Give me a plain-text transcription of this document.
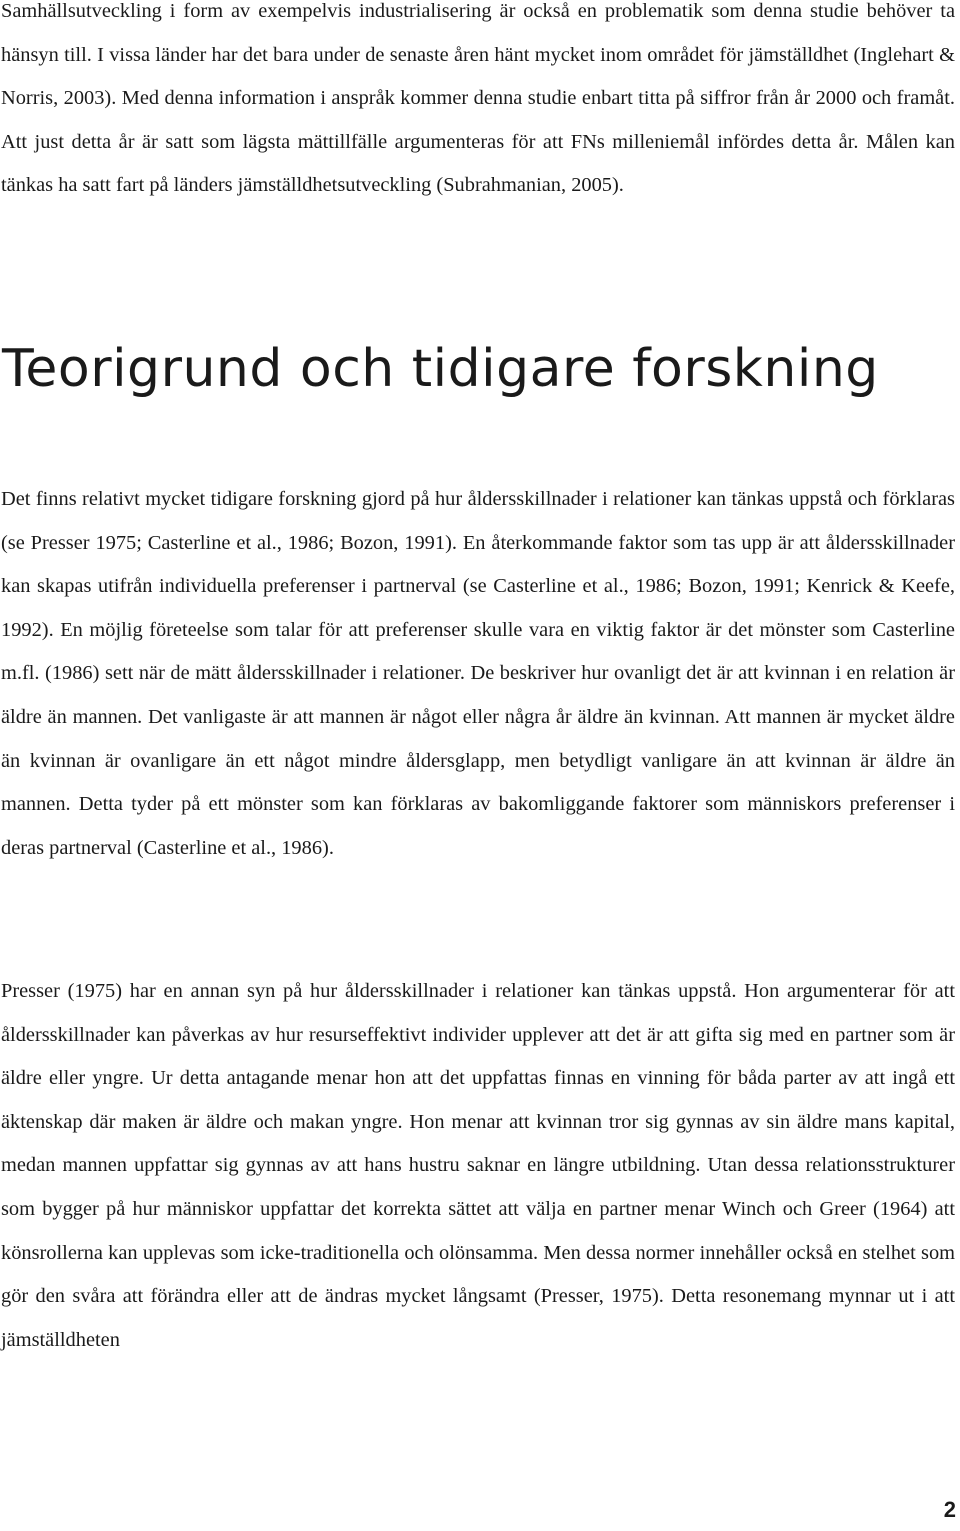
Samhällsutveckling i form av exempelvis industrialisering är också en problematik som denna studie behöver ta hänsyn till. I vissa länder har det bara under de senaste åren hänt mycket inom området för jämställdhet (Inglehart & Norris, 2003). Med denna information i anspråk kommer denna studie enbart titta på siffror från år 2000 och framåt. Att just detta år är satt som lägsta mättillfälle argumenteras för att FNs milleniemål infördes detta år. Målen kan tänkas ha satt fart på länders jämställdhetsutveckling (Subrahmanian, 2005).

Teorigrund och tidigare forskning

Det finns relativt mycket tidigare forskning gjord på hur åldersskillnader i relationer kan tänkas uppstå och förklaras (se Presser 1975; Casterline et al., 1986; Bozon, 1991). En återkommande faktor som tas upp är att åldersskillnader kan skapas utifrån individuella preferenser i partnerval (se Casterline et al., 1986; Bozon, 1991; Kenrick & Keefe, 1992). En möjlig företeelse som talar för att preferenser skulle vara en viktig faktor är det mönster som Casterline m.fl. (1986) sett när de mätt åldersskillnader i relationer. De beskriver hur ovanligt det är att kvinnan i en relation är äldre än mannen. Det vanligaste är att mannen är något eller några år äldre än kvinnan. Att mannen är mycket äldre än kvinnan är ovanligare än ett något mindre åldersglapp, men betydligt vanligare än att kvinnan är äldre än mannen. Detta tyder på ett mönster som kan förklaras av bakomliggande faktorer som människors preferenser i deras partnerval (Casterline et al., 1986).

Presser (1975) har en annan syn på hur åldersskillnader i relationer kan tänkas uppstå. Hon argumenterar för att åldersskillnader kan påverkas av hur resurseffektivt individer upplever att det är att gifta sig med en partner som är äldre eller yngre. Ur detta antagande menar hon att det uppfattas finnas en vinning för båda parter av att ingå ett äktenskap där maken är äldre och makan yngre. Hon menar att kvinnan tror sig gynnas av sin äldre mans kapital, medan mannen uppfattar sig gynnas av att hans hustru saknar en längre utbildning. Utan dessa relationsstrukturer som bygger på hur människor uppfattar det korrekta sättet att välja en partner menar Winch och Greer (1964) att könsrollerna kan upplevas som icke-traditionella och olönsamma. Men dessa normer innehåller också en stelhet som gör den svåra att förändra eller att de ändras mycket långsamt (Presser, 1975). Detta resonemang mynnar ut i att jämställdheten

2
